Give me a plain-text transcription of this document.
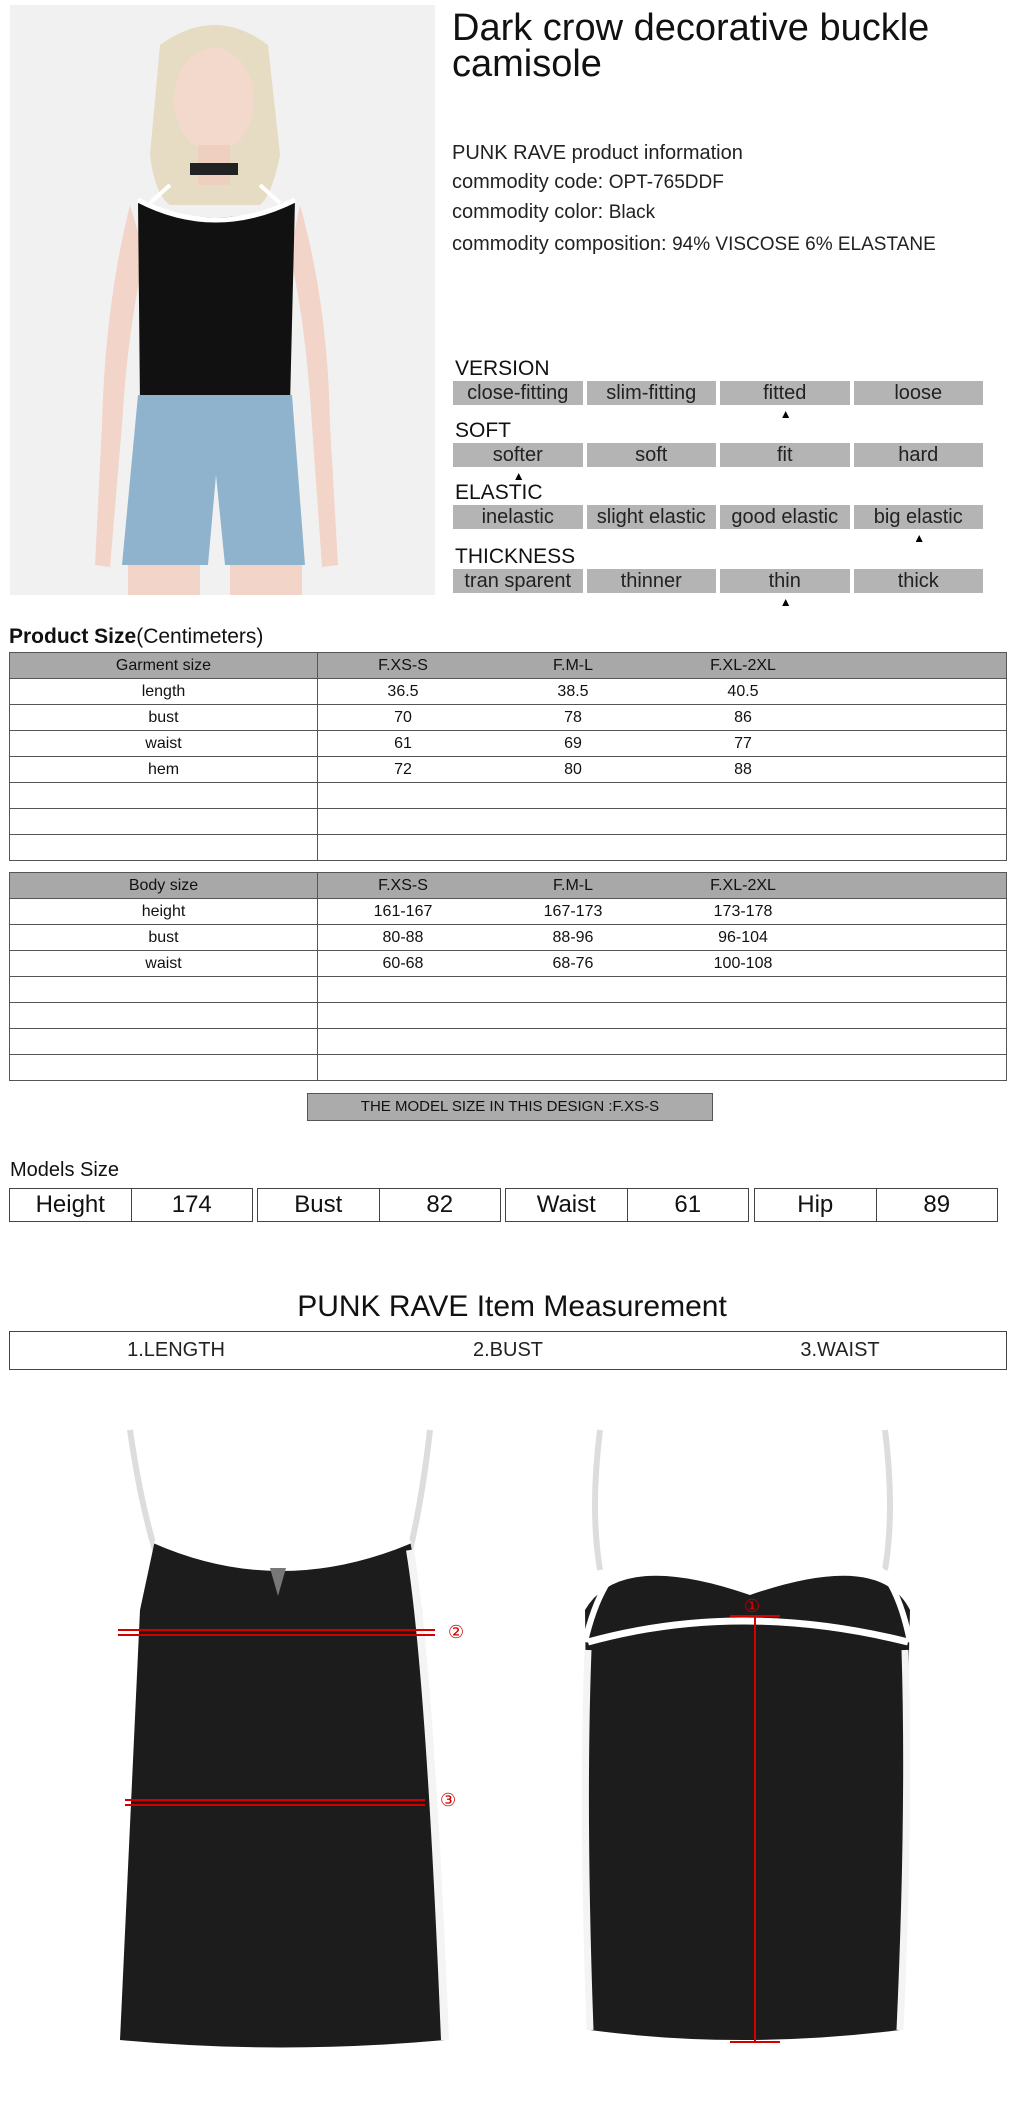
Dark crow decorative buckle camisole
PUNK RAVE product information
commodity code: OPT-765DDF
commodity color: Black
commodity composition: 94% VISCOSE 6% ELASTANE
VERSION
close-fitting	slim-fitting	fitted	loose
▲
SOFT
softer	soft	fit	hard
▲
ELASTIC
inelastic	slight elastic	good elastic	big elastic
▲
THICKNESS
tran sparent	thinner	thin	thick
▲
Product Size(Centimeters)
Garment size	F.XS-S	F.M-L	F.XL-2XL	
length	36.5	38.5	40.5	
bust	70	78	86	
waist	61	69	77	
hem	72	80	88	

Body size	F.XS-S	F.M-L	F.XL-2XL	
height	161-167	167-173	173-178	
bust	80-88	88-96	96-104	
waist	60-68	68-76	100-108	

THE MODEL SIZE IN THIS DESIGN :F.XS-S
Models Size
Height	174	Bust	82	Waist	61	Hip	89
PUNK RAVE Item Measurement
1.LENGTH	2.BUST	3.WAIST
②
③
①
